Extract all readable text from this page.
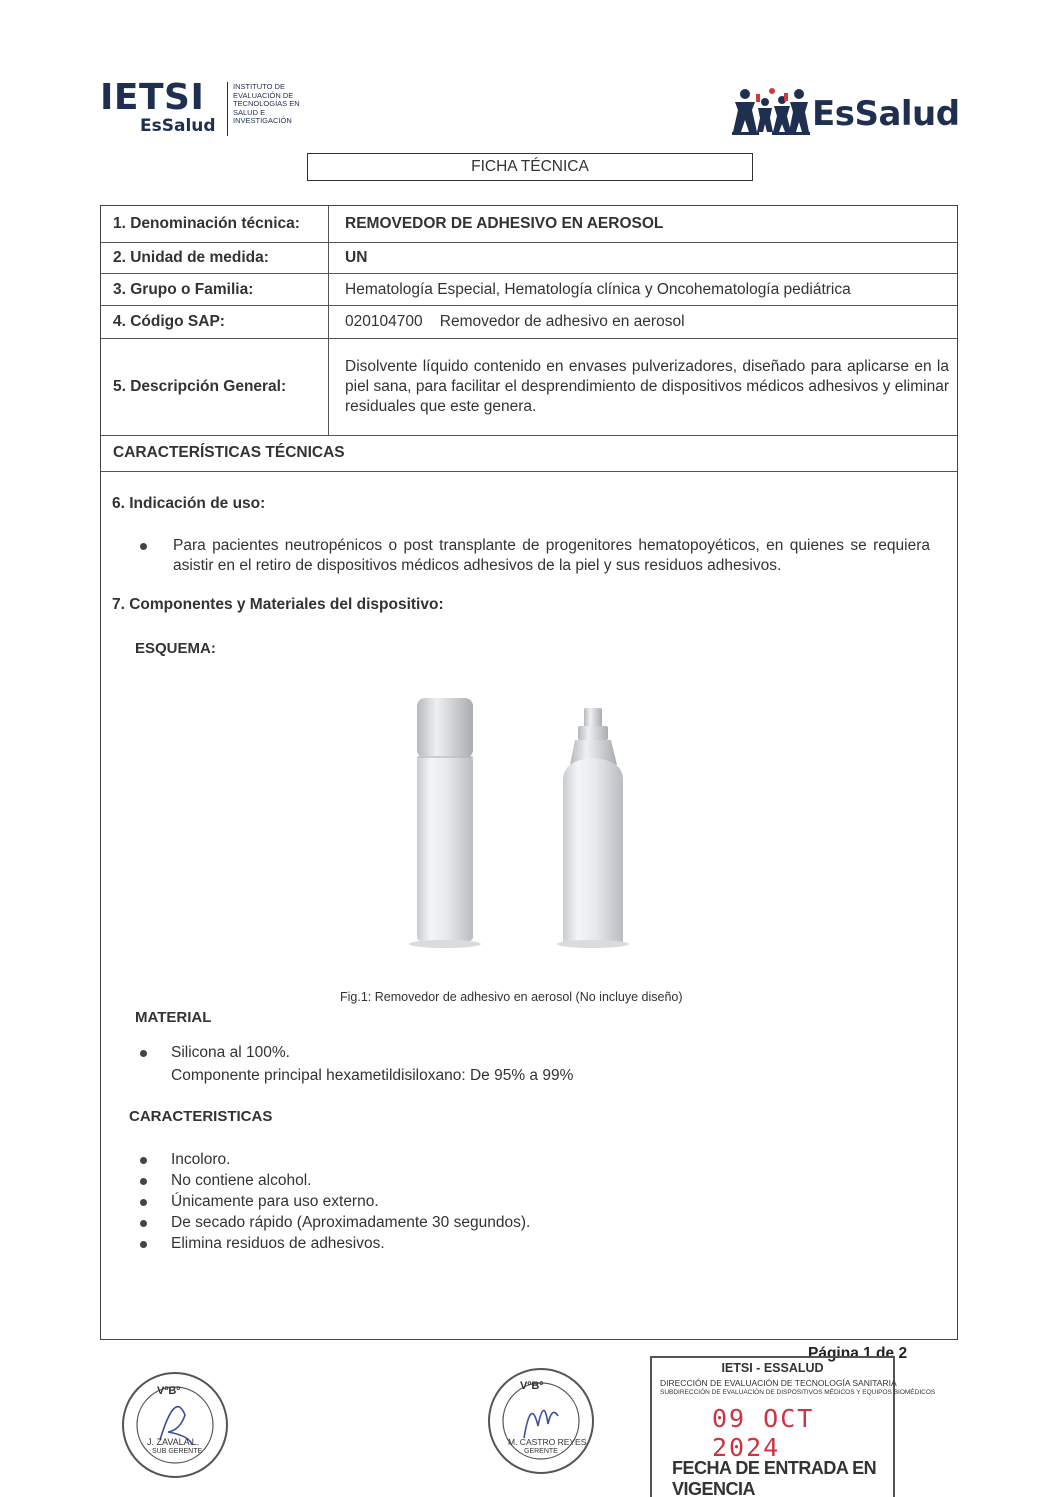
IETSI
EsSalud
INSTITUTO DE
EVALUACIÓN DE
TECNOLOGÍAS EN
SALUD E
INVESTIGACIÓN	EsSalud
FICHA TÉCNICA
1. Denominación técnica:	REMOVEDOR DE ADHESIVO EN AEROSOL
2. Unidad de medida:	UN
3. Grupo o Familia:	Hematología Especial, Hematología clínica y Oncohematología pediátrica
4. Código SAP:	020104700    Removedor de adhesivo en aerosol
5. Descripción General:
Disolvente líquido contenido en envases pulverizadores, diseñado para aplicarse en la piel sana, para facilitar el desprendimiento de dispositivos médicos adhesivos y eliminar residuales que este genera.
CARACTERÍSTICAS TÉCNICAS
6. Indicación de uso:
Para pacientes neutropénicos o post transplante de progenitores hematopoyéticos, en quienes se requiera asistir en el retiro de dispositivos médicos adhesivos de la piel y sus residuos adhesivos.
7. Componentes y Materiales del dispositivo:
ESQUEMA:
Fig.1: Removedor de adhesivo en aerosol (No incluye diseño)
MATERIAL
Silicona al 100%.
Componente principal hexametildisiloxano: De 95% a 99%
CARACTERISTICAS
Incoloro.
No contiene alcohol.
Únicamente para uso externo.
De secado rápido (Aproximadamente 30 segundos).
Elimina residuos de adhesivos.
Página 1 de 2
VºBº
J. ZAVALA L.
SUB GERENTE
VºBº
M. CASTRO REYES
GERENTE
IETSI - ESSALUD
DIRECCIÓN DE EVALUACIÓN DE TECNOLOGÍA SANITARIA
SUBDIRECCIÓN DE EVALUACIÓN DE DISPOSITIVOS MÉDICOS Y EQUIPOS BIOMÉDICOS
09 OCT 2024
FECHA DE ENTRADA EN VIGENCIA
